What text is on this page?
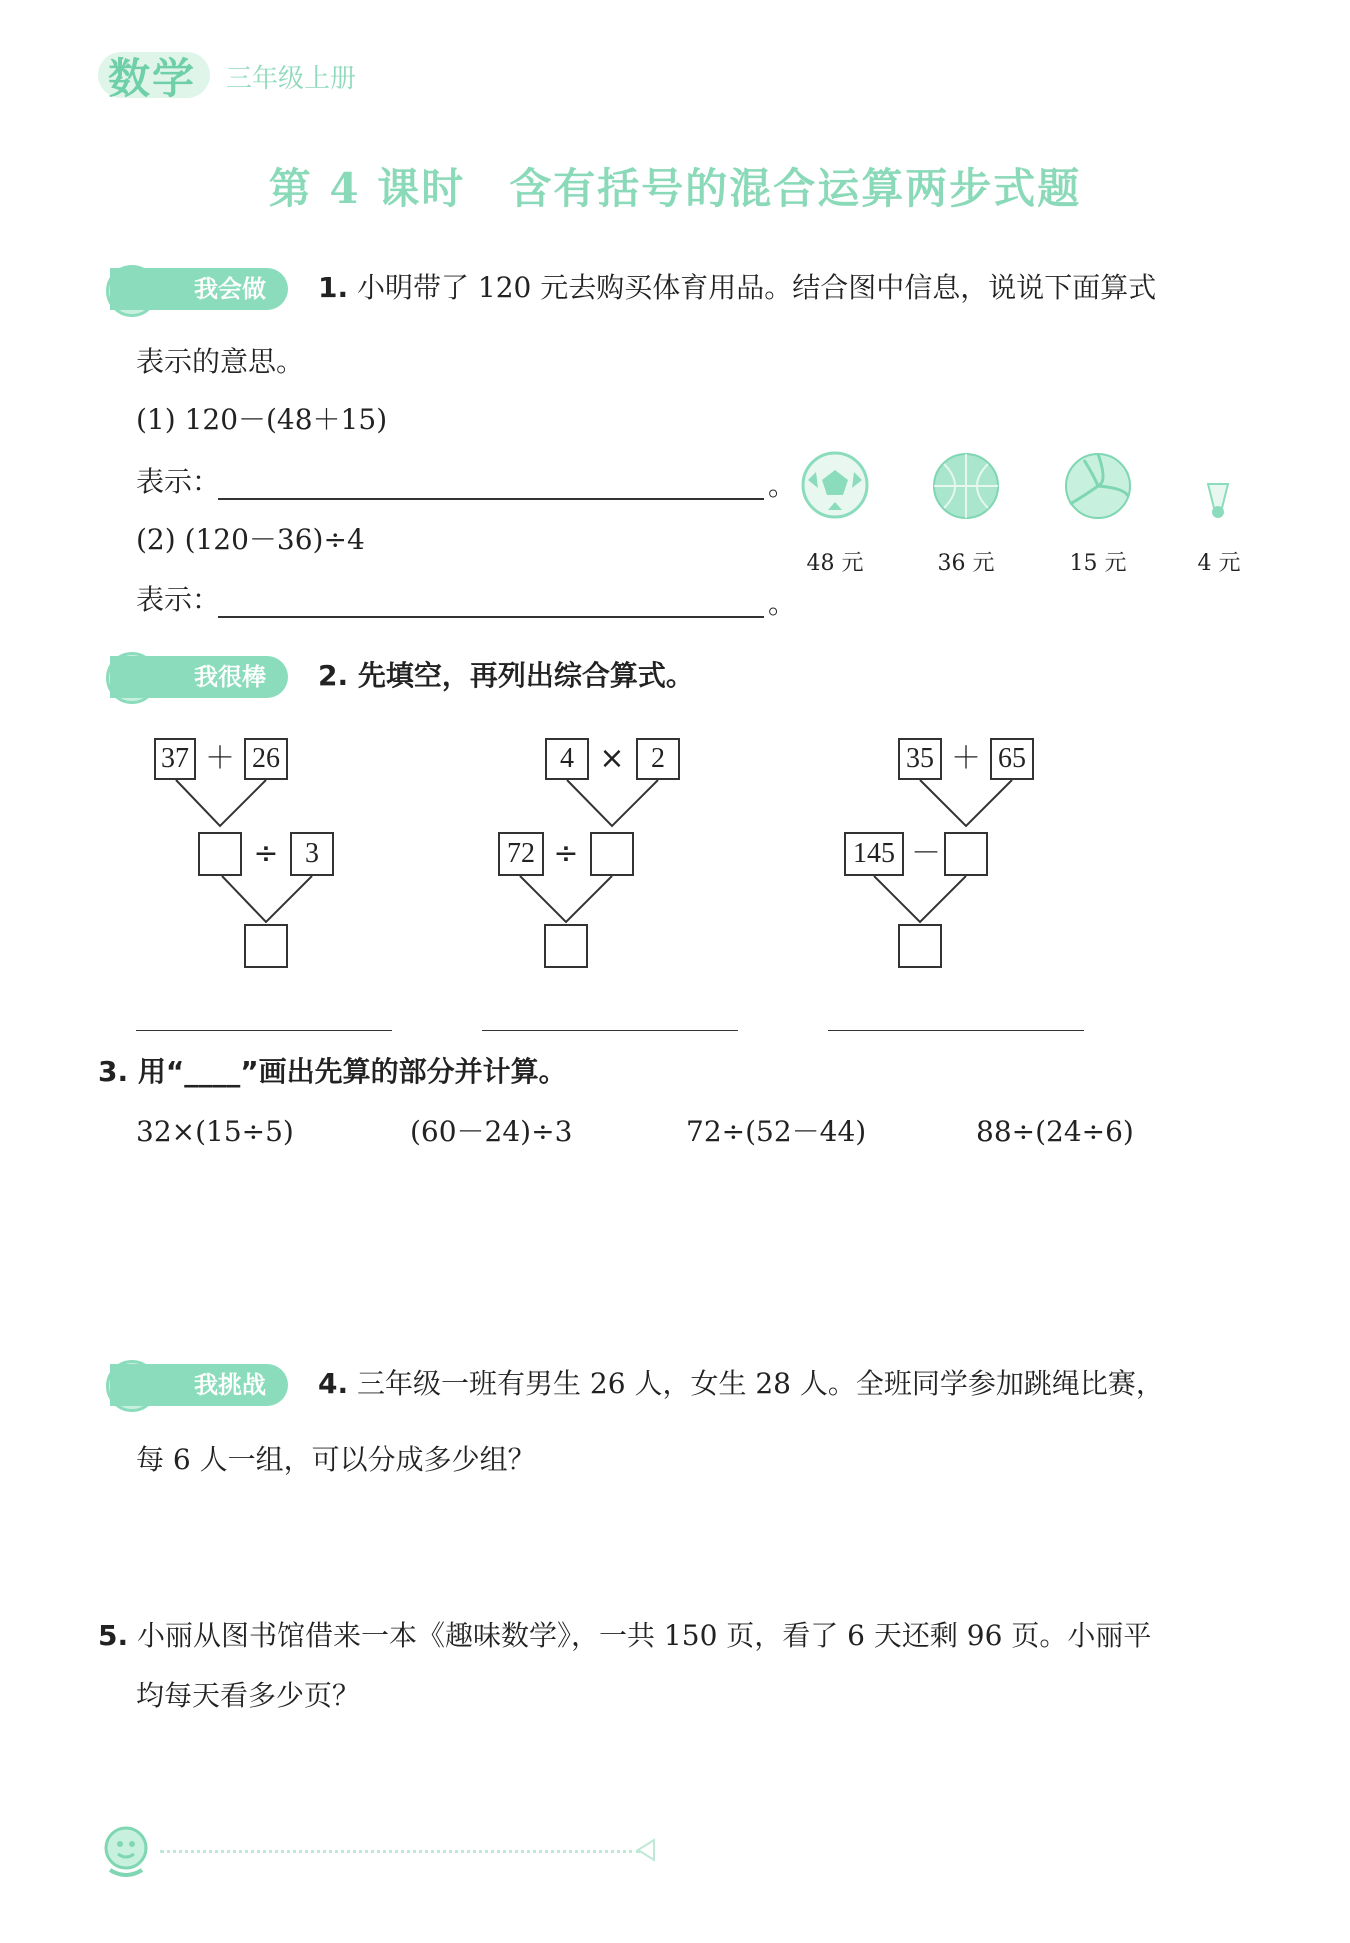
数学 三年级上册
第 4 课时　含有括号的混合运算两步式题
我会做	1. 小明带了 120 元去购买体育用品。结合图中信息，说说下面算式
表示的意思。
(1) 120－(48＋15)
表示：	。
(2) (120－36)÷4
表示：	。
48 元	36 元	15 元	4 元
我很棒	2. 先填空，再列出综合算式。
37 ＋ 26
÷ 3
4 × 2
72 ÷
35 ＋ 65
145 －
3. 用“____”画出先算的部分并计算。
32×(15÷5)	(60－24)÷3	72÷(52－44)	88÷(24÷6)
我挑战	4. 三年级一班有男生 26 人，女生 28 人。全班同学参加跳绳比赛，
每 6 人一组，可以分成多少组？
5. 小丽从图书馆借来一本《趣味数学》，一共 150 页，看了 6 天还剩 96 页。小丽平
均每天看多少页？
